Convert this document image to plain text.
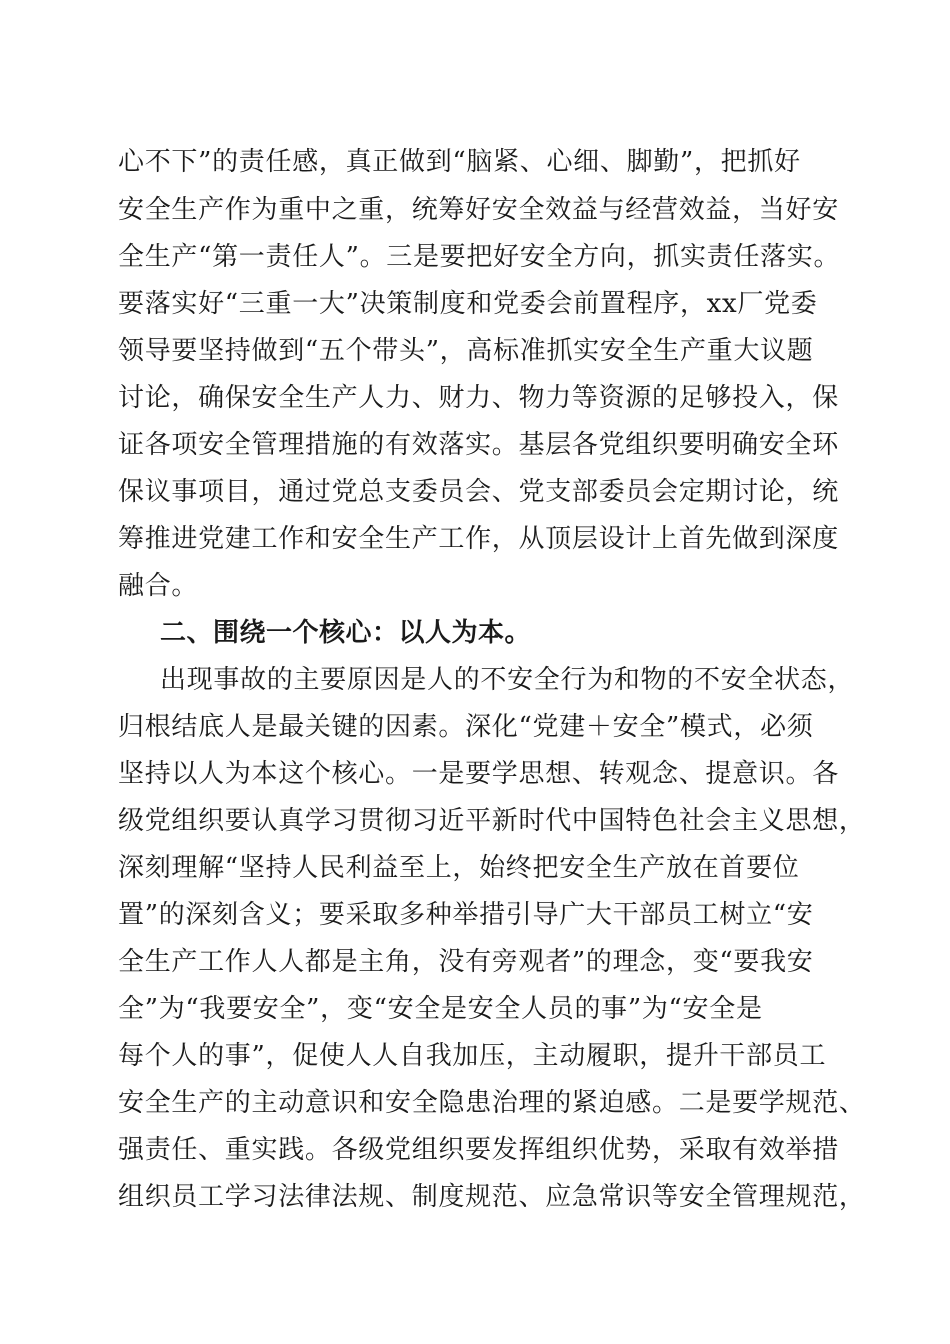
心不下”的责任感，真正做到“脑紧、心细、脚勤”，把抓好
安全生产作为重中之重，统筹好安全效益与经营效益，当好安
全生产“第一责任人”。三是要把好安全方向，抓实责任落实。
要落实好“三重一大”决策制度和党委会前置程序，xx厂党委
领导要坚持做到“五个带头”，高标准抓实安全生产重大议题
讨论，确保安全生产人力、财力、物力等资源的足够投入，保
证各项安全管理措施的有效落实。基层各党组织要明确安全环
保议事项目，通过党总支委员会、党支部委员会定期讨论，统
筹推进党建工作和安全生产工作，从顶层设计上首先做到深度
融合。
二、围绕一个核心：以人为本。
出现事故的主要原因是人的不安全行为和物的不安全状态，
归根结底人是最关键的因素。深化“党建＋安全”模式，必须
坚持以人为本这个核心。一是要学思想、转观念、提意识。各
级党组织要认真学习贯彻习近平新时代中国特色社会主义思想，
深刻理解“坚持人民利益至上，始终把安全生产放在首要位
置”的深刻含义；要采取多种举措引导广大干部员工树立“安
全生产工作人人都是主角，没有旁观者”的理念，变“要我安
全”为“我要安全”，变“安全是安全人员的事”为“安全是
每个人的事”，促使人人自我加压，主动履职，提升干部员工
安全生产的主动意识和安全隐患治理的紧迫感。二是要学规范、
强责任、重实践。各级党组织要发挥组织优势，采取有效举措
组织员工学习法律法规、制度规范、应急常识等安全管理规范，
